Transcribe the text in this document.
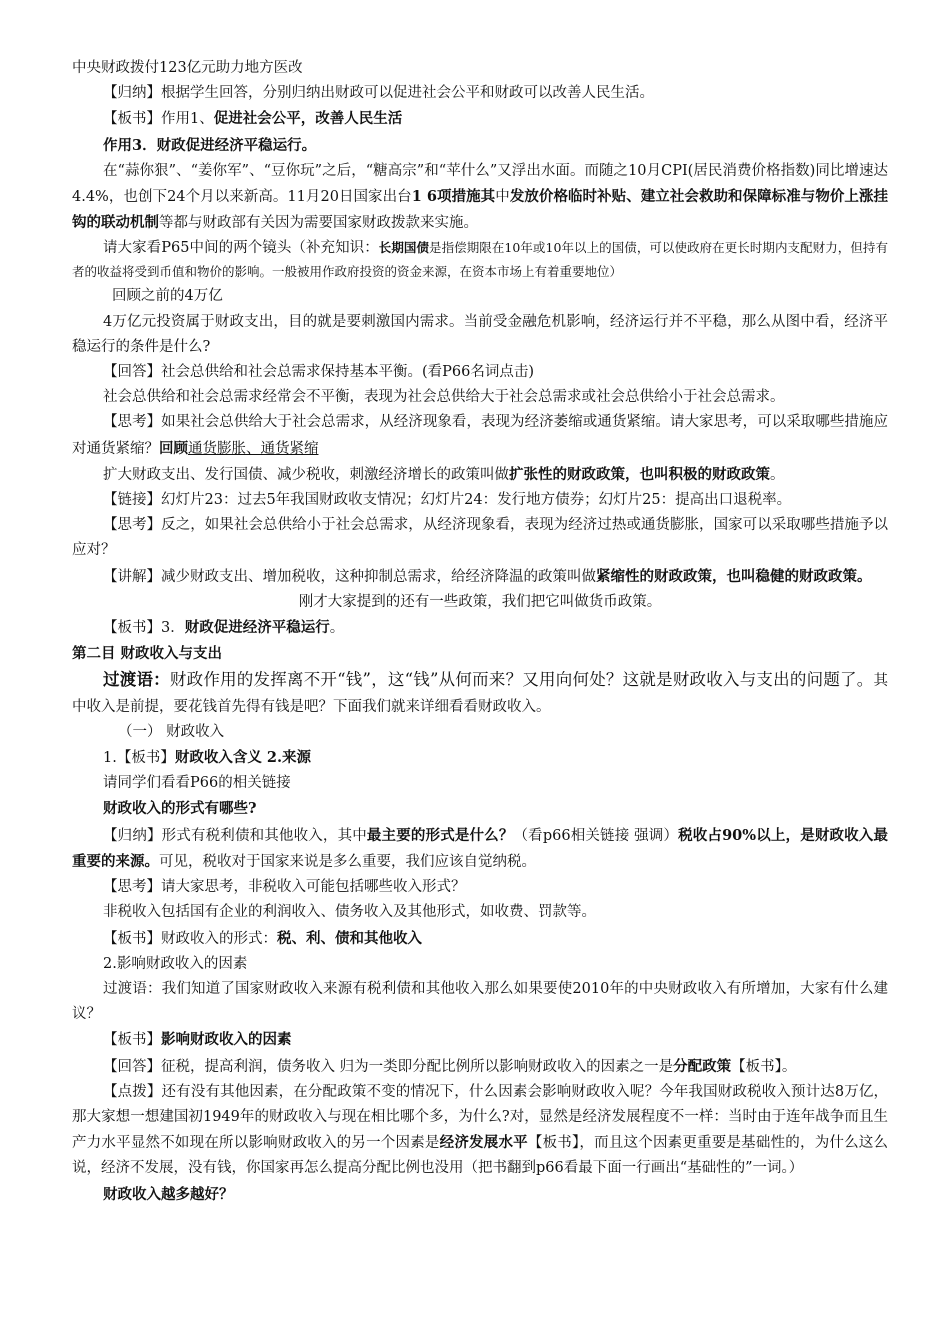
中央财政拨付123亿元助力地方医改

【归纳】根据学生回答，分别归纳出财政可以促进社会公平和财政可以改善人民生活。

【板书】作用1、促进社会公平，改善人民生活

作用3．财政促进经济平稳运行。

在“蒜你狠”、“姜你军”、“豆你玩”之后，“糖高宗”和“苹什么”又浮出水面。而随之10月CPI(居民消费价格指数)同比增速达4.4%，也创下24个月以来新高。11月20日国家出台1 6项措施其中发放价格临时补贴、建立社会救助和保障标准与物价上涨挂钩的联动机制等都与财政部有关因为需要国家财政拨款来实施。

请大家看P65中间的两个镜头（补充知识：长期国债是指偿期限在10年或10年以上的国债，可以使政府在更长时期内支配财力，但持有者的收益将受到币值和物价的影响。一般被用作政府投资的资金来源，在资本市场上有着重要地位）

回顾之前的4万亿

4万亿元投资属于财政支出，目的就是要刺激国内需求。当前受金融危机影响，经济运行并不平稳，那么从图中看，经济平稳运行的条件是什么?

【回答】社会总供给和社会总需求保持基本平衡。(看P66名词点击)

社会总供给和社会总需求经常会不平衡，表现为社会总供给大于社会总需求或社会总供给小于社会总需求。

【思考】如果社会总供给大于社会总需求，从经济现象看，表现为经济萎缩或通货紧缩。请大家思考，可以采取哪些措施应对通货紧缩？回顾通货膨胀、通货紧缩

扩大财政支出、发行国债、减少税收，刺激经济增长的政策叫做扩张性的财政政策，也叫积极的财政政策。

【链接】幻灯片23：过去5年我国财政收支情况；幻灯片24：发行地方债券；幻灯片25：提高出口退税率。

【思考】反之，如果社会总供给小于社会总需求，从经济现象看，表现为经济过热或通货膨胀，国家可以采取哪些措施予以应对？

【讲解】减少财政支出、增加税收，这种抑制总需求，给经济降温的政策叫做紧缩性的财政政策，也叫稳健的财政政策。

刚才大家提到的还有一些政策，我们把它叫做货币政策。

【板书】3．财政促进经济平稳运行。

第二目 财政收入与支出

过渡语：财政作用的发挥离不开“钱”，这“钱”从何而来？又用向何处？这就是财政收入与支出的问题了。其中收入是前提，要花钱首先得有钱是吧？下面我们就来详细看看财政收入。

（一） 财政收入

1.【板书】财政收入含义 2.来源

请同学们看看P66的相关链接

财政收入的形式有哪些?

【归纳】形式有税利债和其他收入，其中最主要的形式是什么？（看p66相关链接 强调）税收占90%以上，是财政收入最重要的来源。可见，税收对于国家来说是多么重要，我们应该自觉纳税。

【思考】请大家思考，非税收入可能包括哪些收入形式？

非税收入包括国有企业的利润收入、债务收入及其他形式，如收费、罚款等。

【板书】财政收入的形式：税、利、债和其他收入

2.影响财政收入的因素

过渡语：我们知道了国家财政收入来源有税利债和其他收入那么如果要使2010年的中央财政收入有所增加，大家有什么建议？

【板书】影响财政收入的因素

【回答】征税，提高利润，债务收入 归为一类即分配比例所以影响财政收入的因素之一是分配政策【板书】。

【点拨】还有没有其他因素，在分配政策不变的情况下，什么因素会影响财政收入呢？今年我国财政税收入预计达8万亿， 那大家想一想建国初1949年的财政收入与现在相比哪个多，为什么?对，显然是经济发展程度不一样：当时由于连年战争而且生产力水平显然不如现在所以影响财政收入的另一个因素是经济发展水平【板书】，而且这个因素更重要是基础性的，为什么这么说，经济不发展，没有钱，你国家再怎么提高分配比例也没用（把书翻到p66看最下面一行画出“基础性的”一词。）

财政收入越多越好？
